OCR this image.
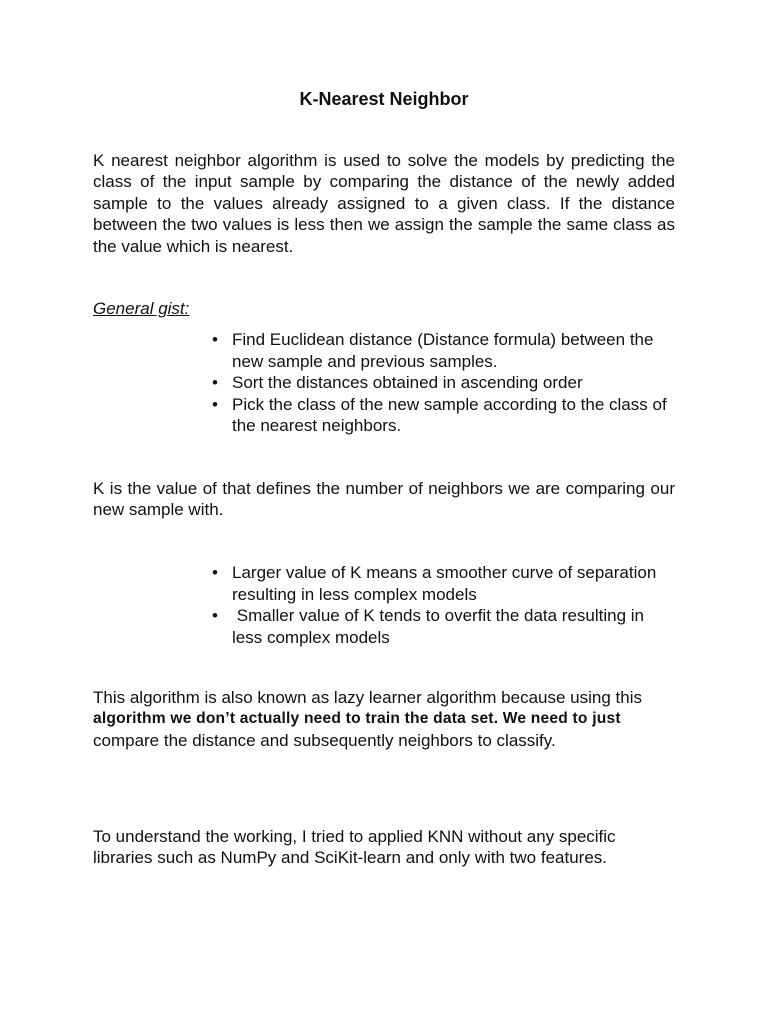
K-Nearest Neighbor

K nearest neighbor algorithm is used to solve the models by predicting the class of the input sample by comparing the distance of the newly added sample to the values already assigned to a given class. If the distance between the two values is less then we assign the sample the same class as the value which is nearest.

General gist:

• Find Euclidean distance (Distance formula) between the new sample and previous samples.
• Sort the distances obtained in ascending order
• Pick the class of the new sample according to the class of the nearest neighbors.

K is the value of that defines the number of neighbors we are comparing our new sample with.

• Larger value of K means a smoother curve of separation resulting in less complex models
• Smaller value of K tends to overfit the data resulting in less complex models
This algorithm is also known as lazy learner algorithm because using this
algorithm we don’t actually need to train the data set. We need to just
compare the distance and subsequently neighbors to classify.

To understand the working, I tried to applied KNN without any specific libraries such as NumPy and SciKit-learn and only with two features.
